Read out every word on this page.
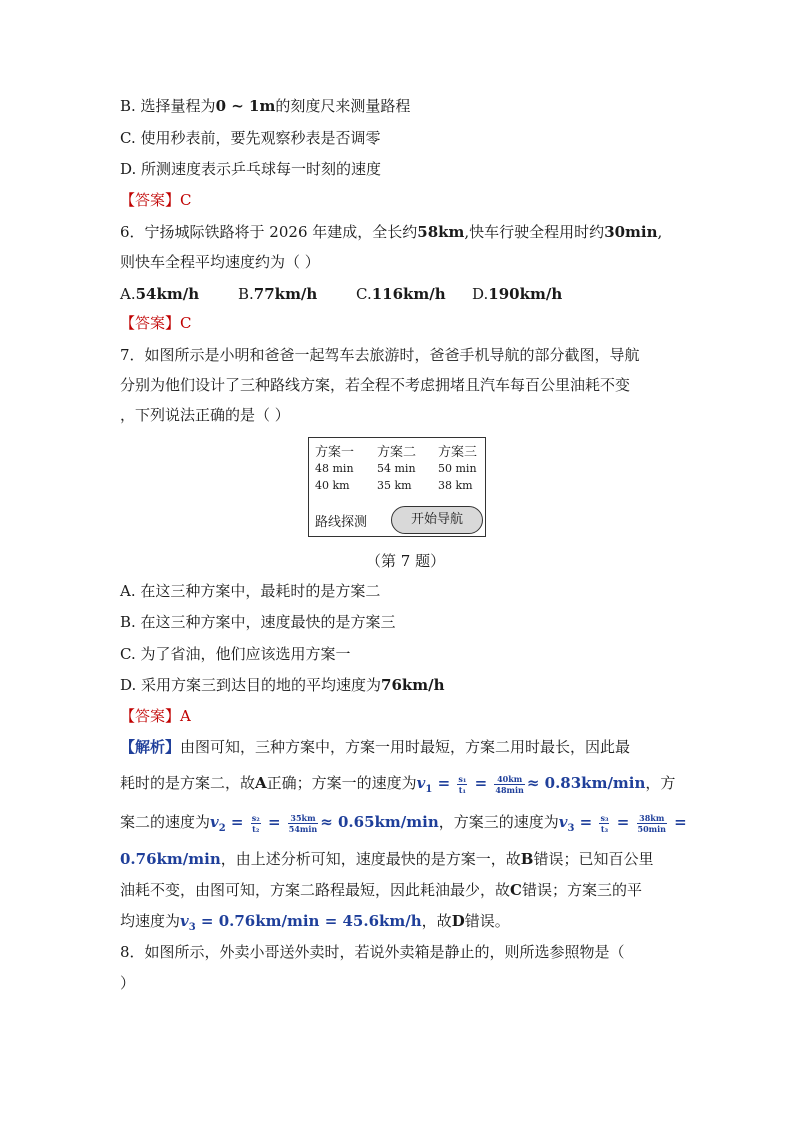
B. 选择量程为0 ~ 1m的刻度尺来测量路程
C. 使用秒表前，要先观察秒表是否调零
D. 所测速度表示乒乓球每一时刻的速度
【答案】C
6．宁扬城际铁路将于 2026 年建成，全长约58km,快车行驶全程用时约30min,
则快车全程平均速度约为（ ）
A.54km/h	B.77km/h	C.116km/h D.190km/h
【答案】C
7．如图所示是小明和爸爸一起驾车去旅游时，爸爸手机导航的部分截图，导航
分别为他们设计了三种路线方案，若全程不考虑拥堵且汽车每百公里油耗不变
，下列说法正确的是（ ）
方案一 方案二 方案三
48 min 54 min 50 min
40 km 35 km 38 km
路线探测	开始导航
（第 7 题）
A. 在这三种方案中，最耗时的是方案二
B. 在这三种方案中，速度最快的是方案三
C. 为了省油，他们应该选用方案一
D. 采用方案三到达目的地的平均速度为76km/h
【答案】A
【解析】由图可知，三种方案中，方案一用时最短，方案二用时最长，因此最
耗时的是方案二，故A正确；方案一的速度为$v_1 = \frac{\text{s₁}}{\text{t₁}} = \frac{40km}{48\min} \approx 0.83km/\min$，方
案二的速度为$v_2 = \frac{\text{s₂}}{\text{t₂}} = \frac{35km}{54\min} \approx 0.65km/\min$，方案三的速度为$v_3 = \frac{\text{s₃}}{\text{t₃}} = \frac{38km}{50\min}$ =
0.76km/min，由上述分析可知，速度最快的是方案一，故B错误；已知百公里
油耗不变，由图可知，方案二路程最短，因此耗油最少，故C错误；方案三的平
均速度为$v_3 = 0.76km/\min = 45.6km/h$，故D错误。
8．如图所示，外卖小哥送外卖时，若说外卖箱是静止的，则所选参照物是（
）
